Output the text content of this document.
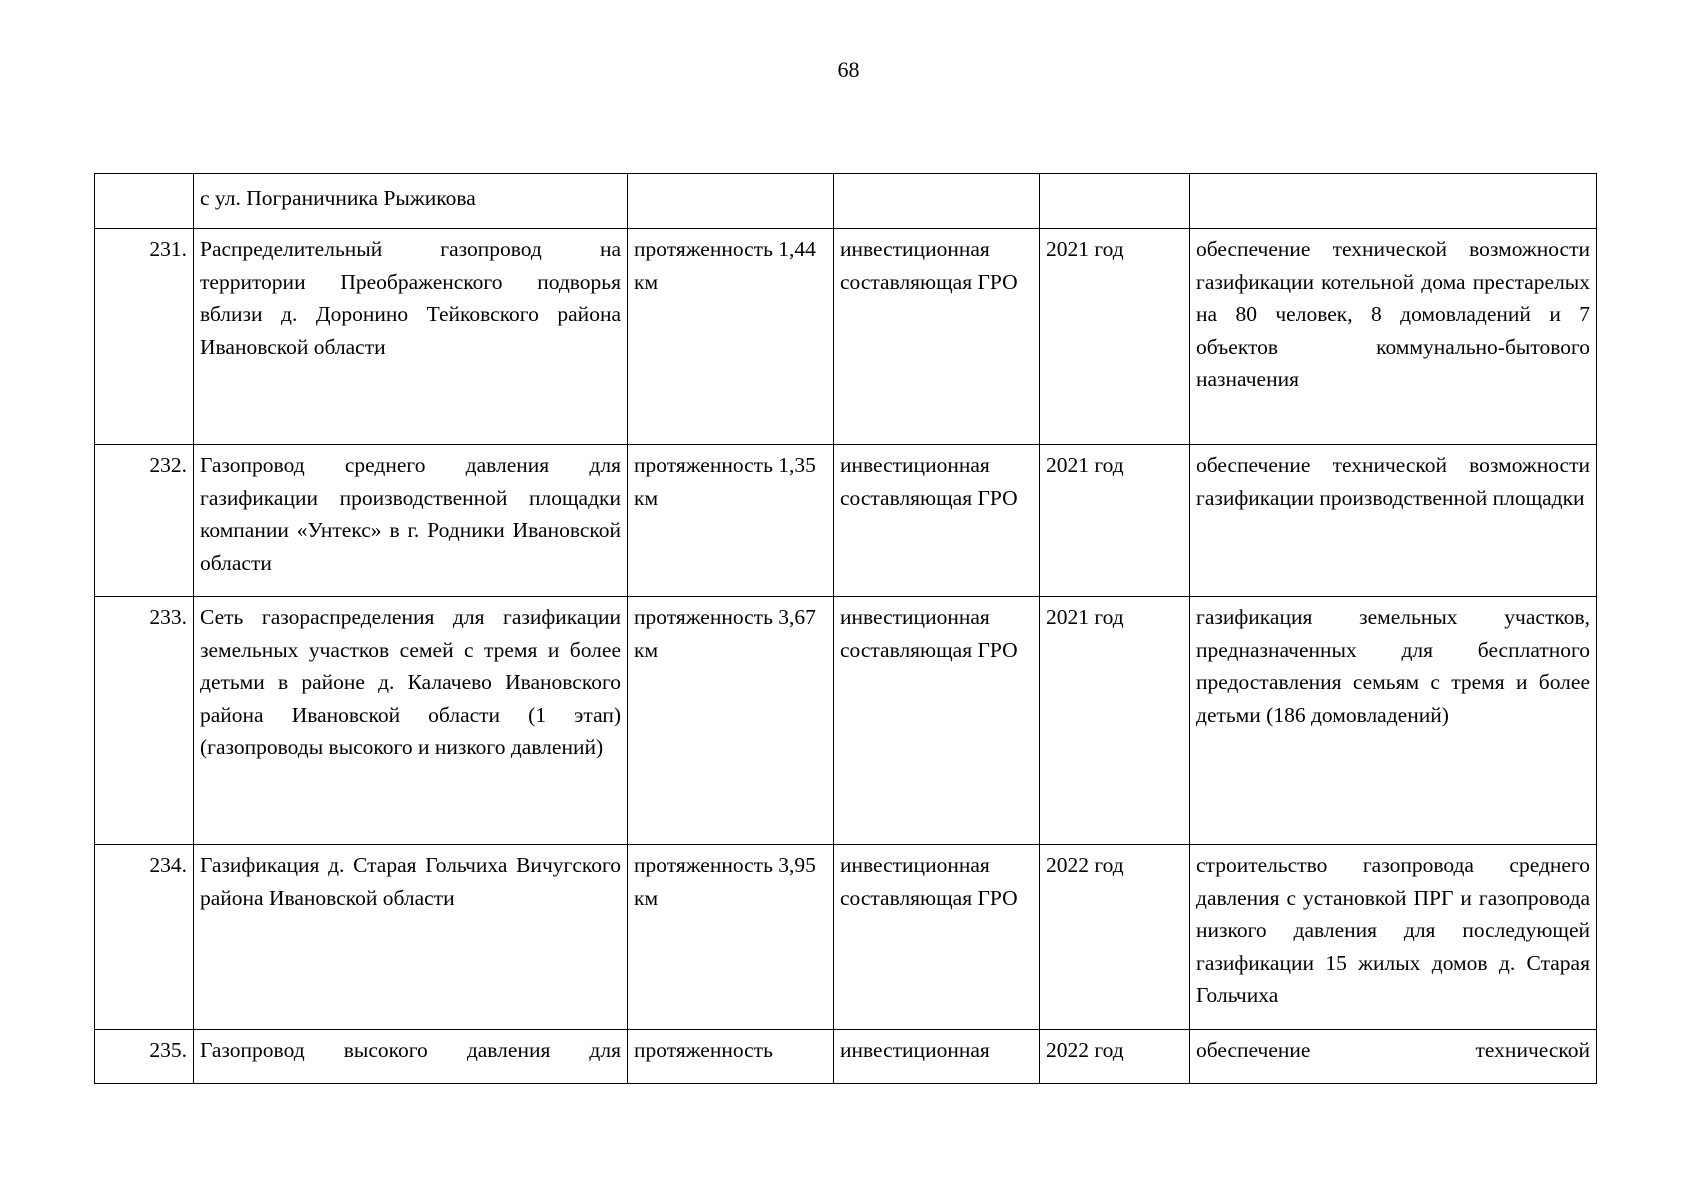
68
	с ул. Пограничника Рыжикова				
231.	Распределительный газопровод на территории Преображенского подворья вблизи д. Доронино Тейковского района Ивановской области	протяженность 1,44 км	инвестиционная составляющая ГРО	2021 год	обеспечение технической возможности газификации котельной дома престарелых на 80 человек, 8 домовладений и 7 объектов коммунально-бытового назначения
232.	Газопровод среднего давления для газификации производственной площадки компании «Унтекс» в г. Родники Ивановской области	протяженность 1,35 км	инвестиционная составляющая ГРО	2021 год	обеспечение технической возможности газификации производственной площадки
233.	Сеть газораспределения для газификации земельных участков семей с тремя и более детьми в районе д. Калачево Ивановского района Ивановской области (1 этап) (газопроводы высокого и низкого давлений)	протяженность 3,67 км	инвестиционная составляющая ГРО	2021 год	газификация земельных участков, предназначенных для бесплатного предоставления семьям с тремя и более детьми (186 домовладений)
234.	Газификация д. Старая Гольчиха Вичугского района Ивановской области	протяженность 3,95 км	инвестиционная составляющая ГРО	2022 год	строительство газопровода среднего давления с установкой ПРГ и газопровода низкого давления для последующей газификации 15 жилых домов д. Старая Гольчиха
235.	Газопровод высокого давления для	протяженность	инвестиционная	2022 год	обеспечение технической
